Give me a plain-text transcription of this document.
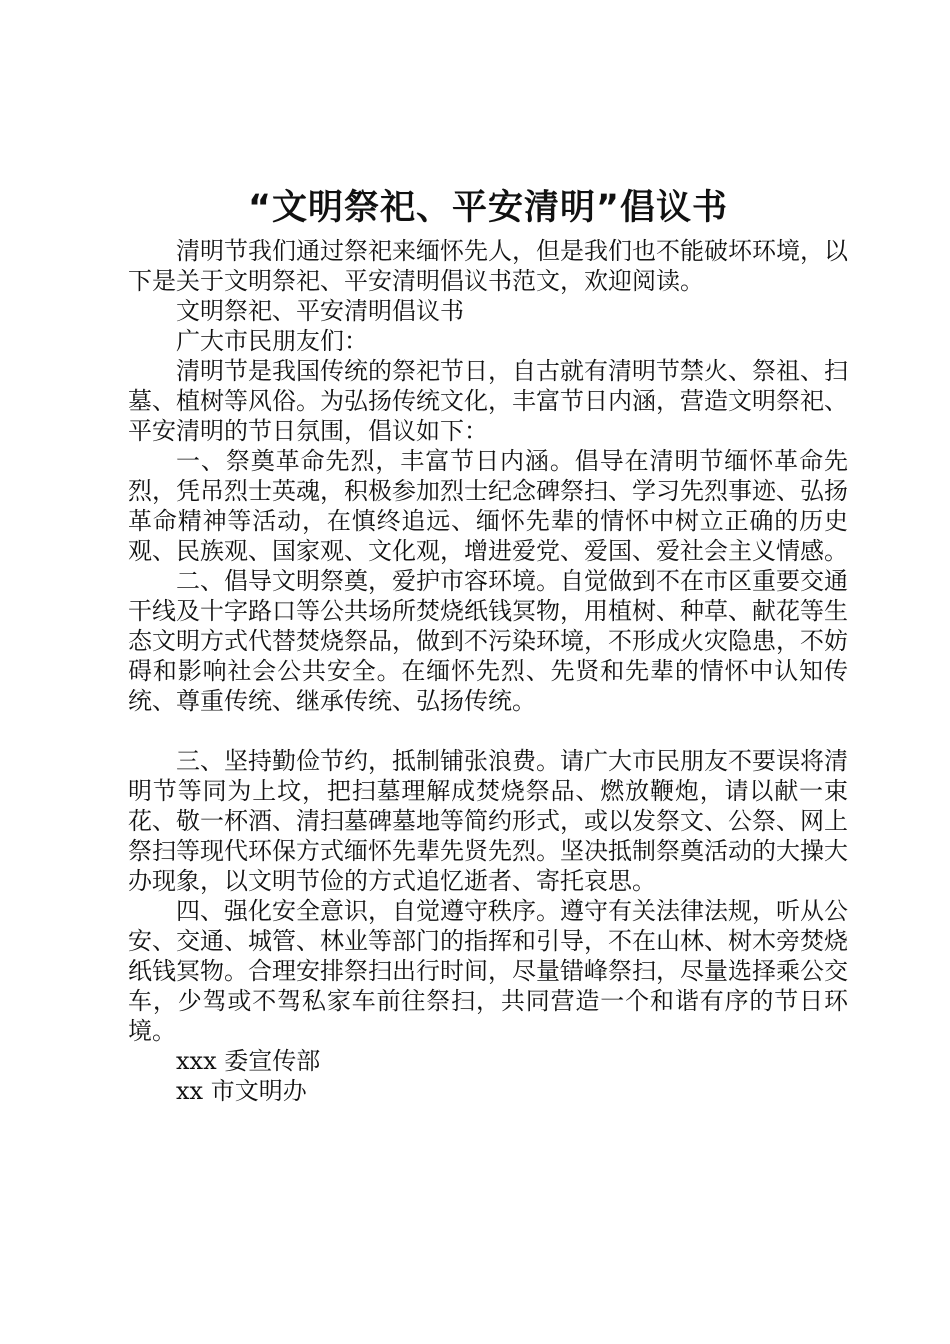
“文明祭祀、平安清明”倡议书

清明节我们通过祭祀来缅怀先人，但是我们也不能破坏环境，以下是关于文明祭祀、平安清明倡议书范文，欢迎阅读。

文明祭祀、平安清明倡议书

广大市民朋友们：

清明节是我国传统的祭祀节日，自古就有清明节禁火、祭祖、扫墓、植树等风俗。为弘扬传统文化，丰富节日内涵，营造文明祭祀、平安清明的节日氛围，倡议如下：

一、祭奠革命先烈，丰富节日内涵。倡导在清明节缅怀革命先烈，凭吊烈士英魂，积极参加烈士纪念碑祭扫、学习先烈事迹、弘扬革命精神等活动，在慎终追远、缅怀先辈的情怀中树立正确的历史观、民族观、国家观、文化观，增进爱党、爱国、爱社会主义情感。

二、倡导文明祭奠，爱护市容环境。自觉做到不在市区重要交通干线及十字路口等公共场所焚烧纸钱冥物，用植树、种草、献花等生态文明方式代替焚烧祭品，做到不污染环境，不形成火灾隐患，不妨碍和影响社会公共安全。在缅怀先烈、先贤和先辈的情怀中认知传统、尊重传统、继承传统、弘扬传统。

三、坚持勤俭节约，抵制铺张浪费。请广大市民朋友不要误将清明节等同为上坟，把扫墓理解成焚烧祭品、燃放鞭炮，请以献一束花、敬一杯酒、清扫墓碑墓地等简约形式，或以发祭文、公祭、网上祭扫等现代环保方式缅怀先辈先贤先烈。坚决抵制祭奠活动的大操大办现象，以文明节俭的方式追忆逝者、寄托哀思。

四、强化安全意识，自觉遵守秩序。遵守有关法律法规，听从公安、交通、城管、林业等部门的指挥和引导，不在山林、树木旁焚烧纸钱冥物。合理安排祭扫出行时间，尽量错峰祭扫，尽量选择乘公交车，少驾或不驾私家车前往祭扫，共同营造一个和谐有序的节日环境。

xxx 委宣传部

xx 市文明办
